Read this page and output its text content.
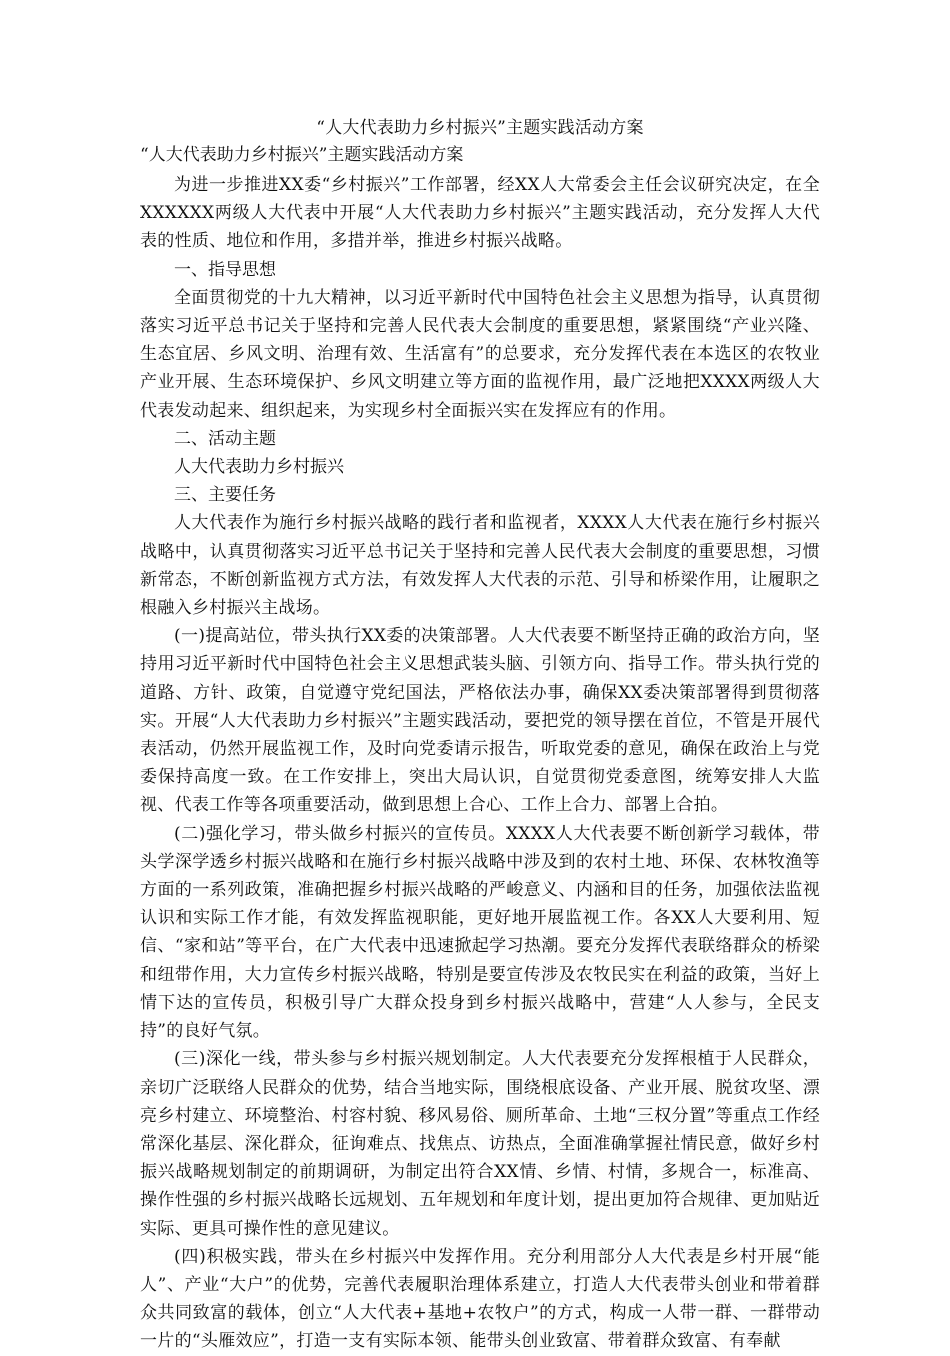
“人大代表助力乡村振兴”主题实践活动方案
“人大代表助力乡村振兴”主题实践活动方案

为进一步推进XX委“乡村振兴”工作部署，经XX人大常委会主任会议研究决定，在全XXXXXX两级人大代表中开展“人大代表助力乡村振兴”主题实践活动，充分发挥人大代表的性质、地位和作用，多措并举，推进乡村振兴战略。

一、指导思想

全面贯彻党的十九大精神，以习近平新时代中国特色社会主义思想为指导，认真贯彻落实习近平总书记关于坚持和完善人民代表大会制度的重要思想，紧紧围绕“产业兴隆、生态宜居、乡风文明、治理有效、生活富有”的总要求，充分发挥代表在本选区的农牧业产业开展、生态环境保护、乡风文明建立等方面的监视作用，最广泛地把XXXX两级人大代表发动起来、组织起来，为实现乡村全面振兴实在发挥应有的作用。

二、活动主题

人大代表助力乡村振兴

三、主要任务

人大代表作为施行乡村振兴战略的践行者和监视者，XXXX人大代表在施行乡村振兴战略中，认真贯彻落实习近平总书记关于坚持和完善人民代表大会制度的重要思想，习惯新常态，不断创新监视方式方法，有效发挥人大代表的示范、引导和桥梁作用，让履职之根融入乡村振兴主战场。

(一)提高站位，带头执行XX委的决策部署。人大代表要不断坚持正确的政治方向，坚持用习近平新时代中国特色社会主义思想武装头脑、引领方向、指导工作。带头执行党的道路、方针、政策，自觉遵守党纪国法，严格依法办事，确保XX委决策部署得到贯彻落实。开展“人大代表助力乡村振兴”主题实践活动，要把党的领导摆在首位，不管是开展代表活动，仍然开展监视工作，及时向党委请示报告，听取党委的意见，确保在政治上与党委保持高度一致。在工作安排上，突出大局认识，自觉贯彻党委意图，统筹安排人大监视、代表工作等各项重要活动，做到思想上合心、工作上合力、部署上合拍。

(二)强化学习，带头做乡村振兴的宣传员。XXXX人大代表要不断创新学习载体，带头学深学透乡村振兴战略和在施行乡村振兴战略中涉及到的农村土地、环保、农林牧渔等方面的一系列政策，准确把握乡村振兴战略的严峻意义、内涵和目的任务，加强依法监视认识和实际工作才能，有效发挥监视职能，更好地开展监视工作。各XX人大要利用、短信、“家和站”等平台，在广大代表中迅速掀起学习热潮。要充分发挥代表联络群众的桥梁和纽带作用，大力宣传乡村振兴战略，特别是要宣传涉及农牧民实在利益的政策，当好上情下达的宣传员，积极引导广大群众投身到乡村振兴战略中，营建“人人参与，全民支持”的良好气氛。

(三)深化一线，带头参与乡村振兴规划制定。人大代表要充分发挥根植于人民群众，亲切广泛联络人民群众的优势，结合当地实际，围绕根底设备、产业开展、脱贫攻坚、漂亮乡村建立、环境整治、村容村貌、移风易俗、厕所革命、土地“三权分置”等重点工作经常深化基层、深化群众，征询难点、找焦点、访热点，全面准确掌握社情民意，做好乡村振兴战略规划制定的前期调研，为制定出符合XX情、乡情、村情，多规合一，标准高、操作性强的乡村振兴战略长远规划、五年规划和年度计划，提出更加符合规律、更加贴近实际、更具可操作性的意见建议。

(四)积极实践，带头在乡村振兴中发挥作用。充分利用部分人大代表是乡村开展“能人”、产业“大户”的优势，完善代表履职治理体系建立，打造人大代表带头创业和带着群众共同致富的载体，创立“人大代表+基地+农牧户”的方式，构成一人带一群、一群带动一片的“头雁效应”，打造一支有实际本领、能带头创业致富、带着群众致富、有奉献
